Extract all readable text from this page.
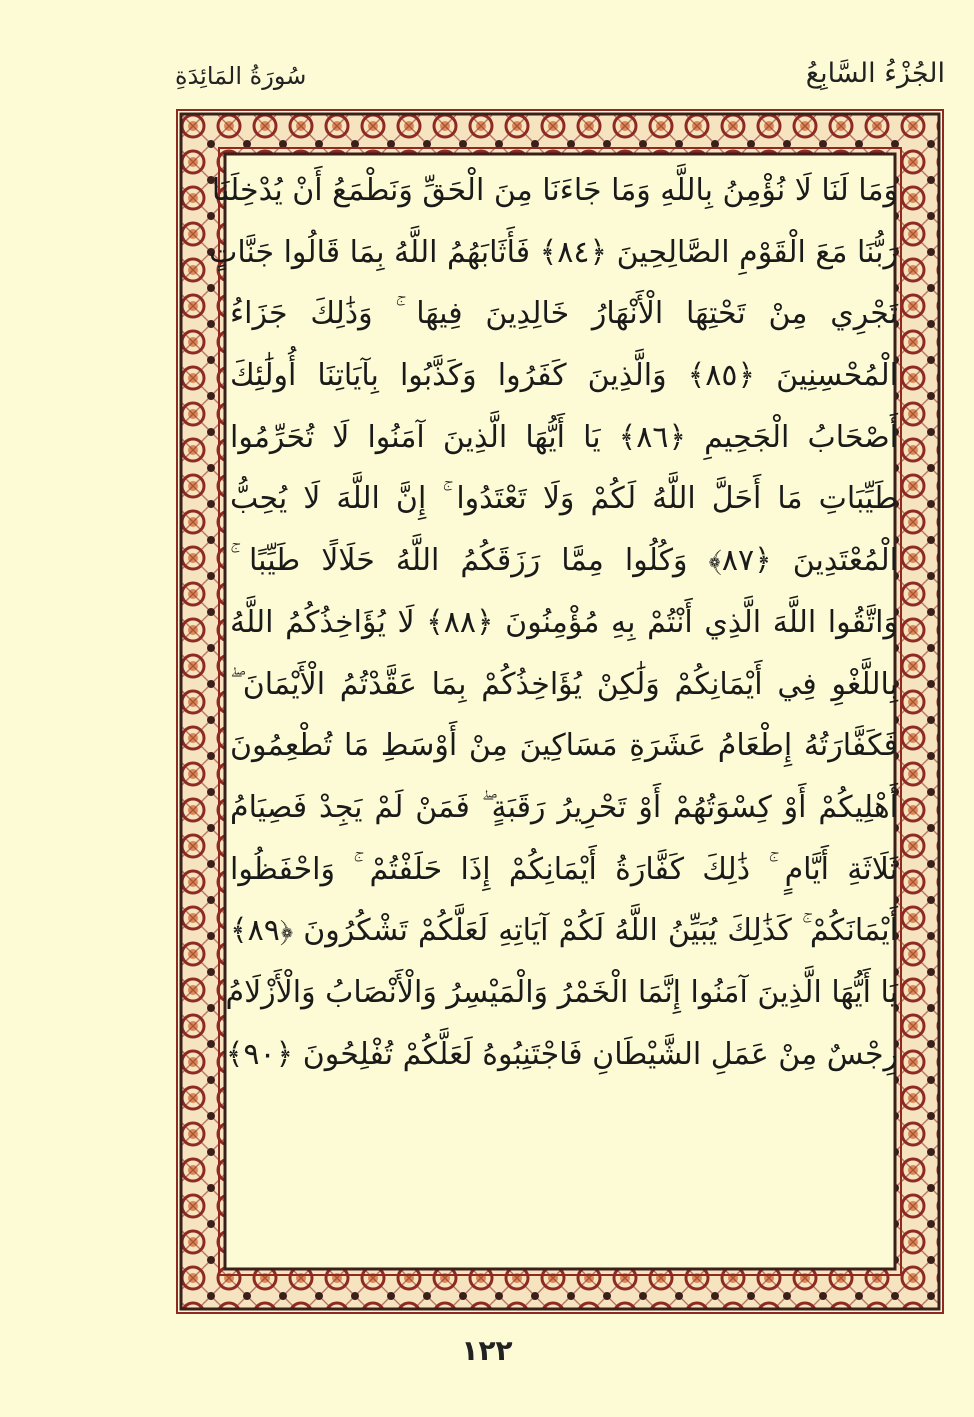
الجُزْءُ السَّابِعُ
سُورَةُ المَائِدَةِ
وَمَا لَنَا لَا نُؤْمِنُ بِاللَّهِ وَمَا جَاءَنَا مِنَ الْحَقِّ وَنَطْمَعُ أَنْ يُدْخِلَنَا
رَبُّنَا مَعَ الْقَوْمِ الصَّالِحِينَ ﴿٨٤﴾ فَأَثَابَهُمُ اللَّهُ بِمَا قَالُوا جَنَّاتٍ
تَجْرِي مِنْ تَحْتِهَا الْأَنْهَارُ خَالِدِينَ فِيهَا ۚ وَذَٰلِكَ جَزَاءُ
الْمُحْسِنِينَ ﴿٨٥﴾ وَالَّذِينَ كَفَرُوا وَكَذَّبُوا بِآيَاتِنَا أُولَٰئِكَ
أَصْحَابُ الْجَحِيمِ ﴿٨٦﴾ يَا أَيُّهَا الَّذِينَ آمَنُوا لَا تُحَرِّمُوا
طَيِّبَاتِ مَا أَحَلَّ اللَّهُ لَكُمْ وَلَا تَعْتَدُوا ۚ إِنَّ اللَّهَ لَا يُحِبُّ
الْمُعْتَدِينَ ﴿٨٧﴾ وَكُلُوا مِمَّا رَزَقَكُمُ اللَّهُ حَلَالًا طَيِّبًا ۚ
وَاتَّقُوا اللَّهَ الَّذِي أَنْتُمْ بِهِ مُؤْمِنُونَ ﴿٨٨﴾ لَا يُؤَاخِذُكُمُ اللَّهُ
بِاللَّغْوِ فِي أَيْمَانِكُمْ وَلَٰكِنْ يُؤَاخِذُكُمْ بِمَا عَقَّدْتُمُ الْأَيْمَانَ ۖ
فَكَفَّارَتُهُ إِطْعَامُ عَشَرَةِ مَسَاكِينَ مِنْ أَوْسَطِ مَا تُطْعِمُونَ
أَهْلِيكُمْ أَوْ كِسْوَتُهُمْ أَوْ تَحْرِيرُ رَقَبَةٍ ۖ فَمَنْ لَمْ يَجِدْ فَصِيَامُ
ثَلَاثَةِ أَيَّامٍ ۚ ذَٰلِكَ كَفَّارَةُ أَيْمَانِكُمْ إِذَا حَلَفْتُمْ ۚ وَاحْفَظُوا
أَيْمَانَكُمْ ۚ كَذَٰلِكَ يُبَيِّنُ اللَّهُ لَكُمْ آيَاتِهِ لَعَلَّكُمْ تَشْكُرُونَ ﴿٨٩﴾
يَا أَيُّهَا الَّذِينَ آمَنُوا إِنَّمَا الْخَمْرُ وَالْمَيْسِرُ وَالْأَنْصَابُ وَالْأَزْلَامُ
رِجْسٌ مِنْ عَمَلِ الشَّيْطَانِ فَاجْتَنِبُوهُ لَعَلَّكُمْ تُفْلِحُونَ ﴿٩٠﴾
١٢٢
